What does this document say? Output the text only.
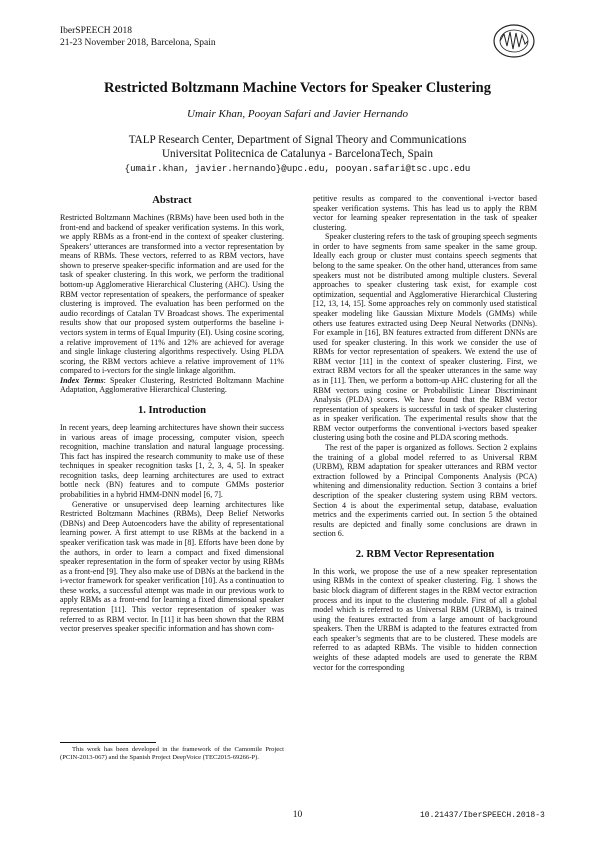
IberSPEECH 2018
21-23 November 2018, Barcelona, Spain
Restricted Boltzmann Machine Vectors for Speaker Clustering
Umair Khan, Pooyan Safari and Javier Hernando
TALP Research Center, Department of Signal Theory and Communications
Universitat Politecnica de Catalunya - BarcelonaTech, Spain
{umair.khan, javier.hernando}@upc.edu, pooyan.safari@tsc.upc.edu
Abstract

Restricted Boltzmann Machines (RBMs) have been used both in the front-end and backend of speaker verification systems. In this work, we apply RBMs as a front-end in the context of speaker clustering. Speakers’ utterances are transformed into a vector representation by means of RBMs. These vectors, referred to as RBM vectors, have shown to preserve speaker-specific information and are used for the task of speaker clustering. In this work, we perform the traditional bottom-up Agglomerative Hierarchical Clustering (AHC). Using the RBM vector representation of speakers, the performance of speaker clustering is improved. The evaluation has been performed on the audio recordings of Catalan TV Broadcast shows. The experimental results show that our proposed system outperforms the baseline i-vectors system in terms of Equal Impurity (EI). Using cosine scoring, a relative improvement of 11% and 12% are achieved for average and single linkage clustering algorithms respectively. Using PLDA scoring, the RBM vectors achieve a relative improvement of 11% compared to i-vectors for the single linkage algorithm.

Index Terms: Speaker Clustering, Restricted Boltzmann Machine Adaptation, Agglomerative Hierarchical Clustering.

1. Introduction

In recent years, deep learning architectures have shown their success in various areas of image processing, computer vision, speech recognition, machine translation and natural language processing. This fact has inspired the research community to make use of these techniques in speaker recognition tasks [1, 2, 3, 4, 5]. In speaker recognition tasks, deep learning architectures are used to extract bottle neck (BN) features and to compute GMMs posterior probabilities in a hybrid HMM-DNN model [6, 7].

Generative or unsupervised deep learning architectures like Restricted Boltzmann Machines (RBMs), Deep Belief Networks (DBNs) and Deep Autoencoders have the ability of representational learning power. A first attempt to use RBMs at the backend in a speaker verification task was made in [8]. Efforts have been done by the authors, in order to learn a compact and fixed dimensional speaker representation in the form of speaker vector by using RBMs as a front-end [9]. They also make use of DBNs at the backend in the i-vector framework for speaker verification [10]. As a continuation to these works, a successful attempt was made in our previous work to apply RBMs as a front-end for learning a fixed dimensional speaker representation [11]. This vector representation of speaker was referred to as RBM vector. In [11] it has been shown that the RBM vector preserves speaker specific information and has shown com-

petitive results as compared to the conventional i-vector based speaker verification systems. This has lead us to apply the RBM vector for learning speaker representation in the task of speaker clustering.

Speaker clustering refers to the task of grouping speech segments in order to have segments from same speaker in the same group. Ideally each group or cluster must contains speech segments that belong to the same speaker. On the other hand, utterances from same speakers must not be distributed among multiple clusters. Several approaches to speaker clustering task exist, for example cost optimization, sequential and Agglomerative Hierarchical Clustering [12, 13, 14, 15]. Some approaches rely on commonly used statistical speaker modeling like Gaussian Mixture Models (GMMs) while others use features extracted using Deep Neural Networks (DNNs). For example in [16], BN features extracted from different DNNs are used for speaker clustering. In this work we consider the use of RBMs for vector representation of speakers. We extend the use of RBM vector [11] in the context of speaker clustering. First, we extract RBM vectors for all the speaker utterances in the same way as in [11]. Then, we perform a bottom-up AHC clustering for all the RBM vectors using cosine or Probabilistic Linear Discriminant Analysis (PLDA) scores. We have found that the RBM vector representation of speakers is successful in task of speaker clustering as in speaker verification. The experimental results show that the RBM vector outperforms the conventional i-vectors based speaker clustering using both the cosine and PLDA scoring methods.

The rest of the paper is organized as follows. Section 2 explains the training of a global model referred to as Universal RBM (URBM), RBM adaptation for speaker utterances and RBM vector extraction followed by a Principal Components Analysis (PCA) whitening and dimensionality reduction. Section 3 contains a brief description of the speaker clustering system using RBM vectors. Section 4 is about the experimental setup, database, evaluation metrics and the experiments carried out. In section 5 the obtained results are depicted and finally some conclusions are drawn in section 6.

2. RBM Vector Representation

In this work, we propose the use of a new speaker representation using RBMs in the context of speaker clustering. Fig. 1 shows the basic block diagram of different stages in the RBM vector extraction process and its input to the clustering module. First of all a global model which is referred to as Universal RBM (URBM), is trained using the features extracted from a large amount of background speakers. Then the URBM is adapted to the features extracted from each speaker’s segments that are to be clustered. These models are referred to as adapted RBMs. The visible to hidden connection weights of these adapted models are used to generate the RBM vector for the corresponding

This work has been developed in the framework of the Camomile Project (PCIN-2013-067) and the Spanish Project DeepVoice (TEC2015-69266-P).
10	10.21437/IberSPEECH.2018-3
